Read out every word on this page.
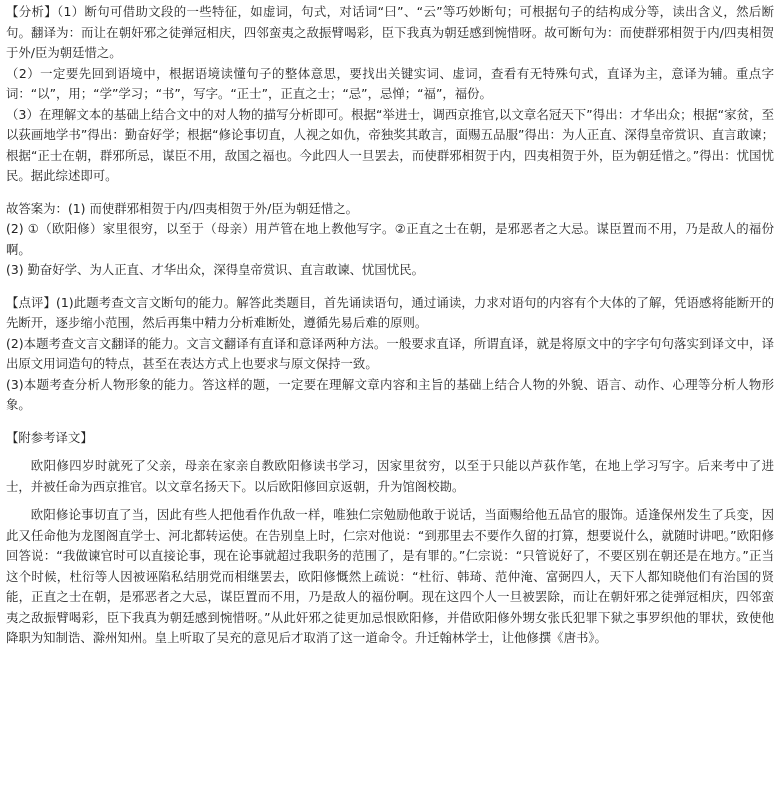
【分析】（1）断句可借助文段的一些特征，如虚词，句式，对话词“曰”、“云”等巧妙断句；可根据句子的结构成分等，读出含义，然后断句。翻译为：而让在朝奸邪之徒弹冠相庆，四邻蛮夷之敌振臂喝彩，臣下我真为朝廷感到惋惜呀。故可断句为：而使群邪相贺于内/四夷相贺于外/臣为朝廷惜之。

（2）一定要先回到语境中，根据语境读懂句子的整体意思，要找出关键实词、虚词，查看有无特殊句式，直译为主，意译为辅。重点字词：“以”，用；“学”学习；“书”，写字。“正士”，正直之士；“忌”，忌惮；“福”，福份。

（3）在理解文本的基础上结合文中的对人物的描写分析即可。根据“举进士，调西京推官,以文章名冠天下”得出：才华出众；根据“家贫，至以荻画地学书”得出：勤奋好学；根据“修论事切直，人视之如仇，帝独奖其敢言，面赐五品服”得出：为人正直、深得皇帝赏识、直言敢谏；根据“正士在朝，群邪所忌，谋臣不用，敌国之福也。今此四人一旦罢去，而使群邪相贺于内，四夷相贺于外，臣为朝廷惜之。”得出：忧国忧民。据此综述即可。

故答案为：(1) 而使群邪相贺于内/四夷相贺于外/臣为朝廷惜之。

(2) ①（欧阳修）家里很穷，以至于（母亲）用芦管在地上教他写字。②正直之士在朝，是邪恶者之大忌。谋臣置而不用，乃是敌人的福份啊。

(3) 勤奋好学、为人正直、才华出众，深得皇帝赏识、直言敢谏、忧国忧民。

【点评】(1)此题考查文言文断句的能力。解答此类题目，首先诵读语句，通过诵读，力求对语句的内容有个大体的了解，凭语感将能断开的先断开，逐步缩小范围，然后再集中精力分析难断处，遵循先易后难的原则。

(2)本题考查文言文翻译的能力。文言文翻译有直译和意译两种方法。一般要求直译，所谓直译，就是将原文中的字字句句落实到译文中，译出原文用词造句的特点，甚至在表达方式上也要求与原文保持一致。

(3)本题考查分析人物形象的能力。答这样的题，一定要在理解文章内容和主旨的基础上结合人物的外貌、语言、动作、心理等分析人物形象。

【附参考译文】

欧阳修四岁时就死了父亲，母亲在家亲自教欧阳修读书学习，因家里贫穷，以至于只能以芦荻作笔，在地上学习写字。后来考中了进士，并被任命为西京推官。以文章名扬天下。以后欧阳修回京返朝，升为馆阁校勘。

欧阳修论事切直了当，因此有些人把他看作仇敌一样，唯独仁宗勉励他敢于说话，当面赐给他五品官的服饰。适逢保州发生了兵变，因此又任命他为龙图阁直学士、河北都转运使。在告别皇上时，仁宗对他说：“到那里去不要作久留的打算，想要说什么，就随时讲吧。”欧阳修回答说：“我做谏官时可以直接论事，现在论事就超过我职务的范围了，是有罪的。”仁宗说：“只管说好了，不要区别在朝还是在地方。”正当这个时候，杜衍等人因被诬陷私结朋党而相继罢去，欧阳修慨然上疏说：“杜衍、韩琦、范仲淹、富弼四人，天下人都知晓他们有治国的贤能，正直之士在朝，是邪恶者之大忌，谋臣置而不用，乃是敌人的福份啊。现在这四个人一旦被罢除，而让在朝奸邪之徒弹冠相庆，四邻蛮夷之敌振臂喝彩，臣下我真为朝廷感到惋惜呀。”从此奸邪之徒更加忌恨欧阳修，并借欧阳修外甥女张氏犯罪下狱之事罗织他的罪状，致使他降职为知制诰、滁州知州。皇上听取了吴充的意见后才取消了这一道命令。升迁翰林学士，让他修撰《唐书》。
